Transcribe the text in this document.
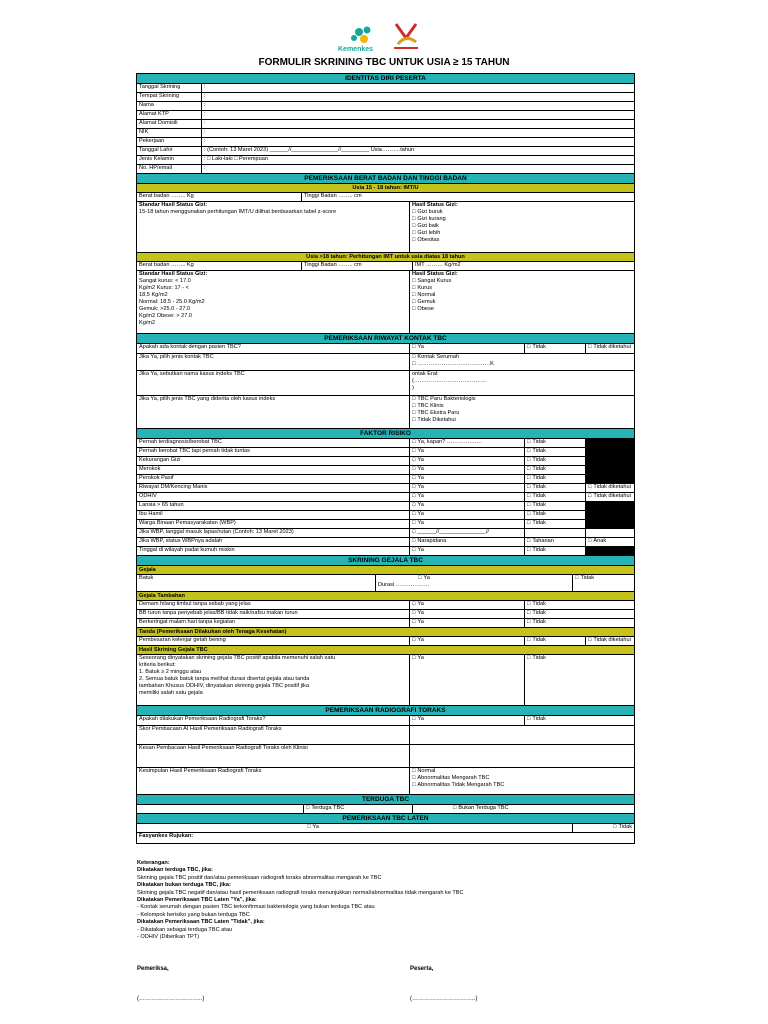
Kemenkes
FORMULIR SKRINING TBC UNTUK USIA ≥ 15 TAHUN
IDENTITAS DIRI PESERTA
Tanggal Skrining	:
Tempat Skrining	:
Nama	:
Alamat KTP	:
Alamat Domisili	:
NIK	:
Pekerjaan	:
Tanggal Lahir	: (Contoh: 13 Maret 2023) ______//_______________//_________ Usia……….tahun
Jenis Kelamin	: □ Laki-laki □ Perempuan
No. HP/email	:
PEMERIKSAAN BERAT BADAN DAN TINGGI BADAN
Usia 15 - 18 tahun: IMT/U
Berat badan …….. Kg	Tinggi Badan …….. cm
Standar Hasil Status Gizi:
15-18 tahun menggunakan perhitungan IMT/U dilihat berdasarkan tabel z-score
Hasil Status Gizi:
□ Gizi buruk
□ Gizi kurang
□ Gizi baik
□ Gizi lebih
□ Obesitas
Usia >18 tahun: Perhitungan IMT untuk usia diatas 18 tahun
Berat badan …….. Kg	Tinggi Badan …….. cm	IMT ……… Kg/m2
Standar Hasil Status Gizi:
Sangat kurus: < 17.0
Kg/m2 Kurus: 17 - <
18.5 Kg/m2
Normal: 18.5 - 25.0 Kg/m2
Gemuk: >25.0 - 27.0
Kg/m2 Obese: > 27.0
Kg/m2
Hasil Status Gizi:
□ Sangat Kurus
□ Kurus
□ Normal
□ Gemuk
□ Obese
PEMERIKSAAN RIWAYAT KONTAK TBC
Apakah ada kontak dengan pasien TBC?	□ Ya	□ Tidak	□ Tidak diketahui
Jika Ya, pilih jenis kontak TBC	□ Kontak Serumah
□ …………………………………K
Jika Ya, sebutkan nama kasus indeks TBC	ontak Erat
(…………………………………
)
Jika Ya, pilih jenis TBC yang diderita oleh kasus indeks	□ TBC Paru Bakteriologis
□ TBC Klinis
□ TBC Ekstra Paru
□ Tidak Diketahui
FAKTOR RISIKO
Pernah terdiagnosis/berobat TBC	□ Ya, kapan? ……………….	□ Tidak
Pernah berobat TBC tapi pernah tidak tuntas	□ Ya	□ Tidak
Kekurangan Gizi	□ Ya	□ Tidak
Merokok	□ Ya	□ Tidak
Perokok Pasif	□ Ya	□ Tidak
Riwayat DM/Kencing Manis	□ Ya	□ Tidak	□ Tidak diketahui
ODHIV	□ Ya	□ Tidak	□ Tidak diketahui
Lansia > 65 tahun	□ Ya	□ Tidak
Ibu Hamil	□ Ya	□ Tidak
Warga Binaan Pemasyarakatan (WBP)	□ Ya	□ Tidak
Jika WBP, tanggal masuk lapas/rutan (Contoh: 13 Maret 2023)	□ ______//_______________//
Jika WBP, status WBPnya adalah	□ Narapidana	□ Tahanan	□ Anak
Tinggal di wilayah padat kumuh miskin	□ Ya	□ Tidak
SKRINING GEJALA TBC
Gejala
Batuk	□ Ya
Durasi ………………
□ Tidak
Gejala Tambahan
Demam hilang timbul tanpa sebab yang jelas	□ Ya	□ Tidak
BB turun tanpa penyebab jelas/BB tidak naik/nafsu makan turun	□ Ya	□ Tidak
Berkeringat malam hari tanpa kegiatan	□ Ya	□ Tidak
Tanda (Pemeriksaan Dilakukan oleh Tenaga Kesehatan)
Pembesaran kelenjar getah bening	□ Ya	□ Tidak	□ Tidak diketahui
Hasil Skrining Gejala TBC
Seseorang dinyatakan skrining gejala TBC positif apabila memenuhi salah satu
kriteria berikut:
1. Batuk ≥ 2 minggu atau
2. Semua batuk batuk tanpa melihat durasi disertai gejala atau tanda
tambahan Khusus ODHIV, dinyatakan skrining gejala TBC positif jika
memiliki salah satu gejala
□ Ya	□ Tidak
PEMERIKSAAN RADIOGRAFI TORAKS
Apakah dilakukan Pemeriksaan Radiografi Toraks?	□ Ya	□ Tidak
Skor Pembacaan AI Hasil Pemeriksaan Radiografi Toraks
Kesan Pembacaan Hasil Pemeriksaan Radiografi Toraks oleh Klinisi
Kesimpulan Hasil Pemeriksaan Radiografi Toraks	□ Normal
□ Abnormalitas Mengarah TBC
□ Abnormalitas Tidak Mengarah TBC
TERDUGA TBC
□ Terduga TBC	□ Bukan Terduga TBC
PEMERIKSAAN TBC LATEN
□ Ya	□ Tidak
Fasyankes Rujukan:
Keterangan:
Dikatakan terduga TBC, jika:
Skrining gejala TBC positif dan/atau pemeriksaan radiografi toraks abnormalitas mengarah ke TBC
Dikatakan bukan terduga TBC, jika:
Skrining gejala TBC negatif dan/atau hasil pemeriksaan radiografi toraks menunjukkan normal/abnormalitas tidak mengarah ke TBC
Dikatakan Pemeriksaan TBC Laten "Ya", jika:
- Kontak serumah dengan pasien TBC terkonfirmasi bakteriologis yang bukan terduga TBC atau
- Kelompok berisiko yang bukan terduga TBC
Dikatakan Pemeriksaan TBC Laten "Tidak", jika:
- Dikatakan sebagai terduga TBC atau
- ODHIV (Diberikan TPT)
Pemeriksa,	Peserta,
(…………………………..)	(…………………………..)
